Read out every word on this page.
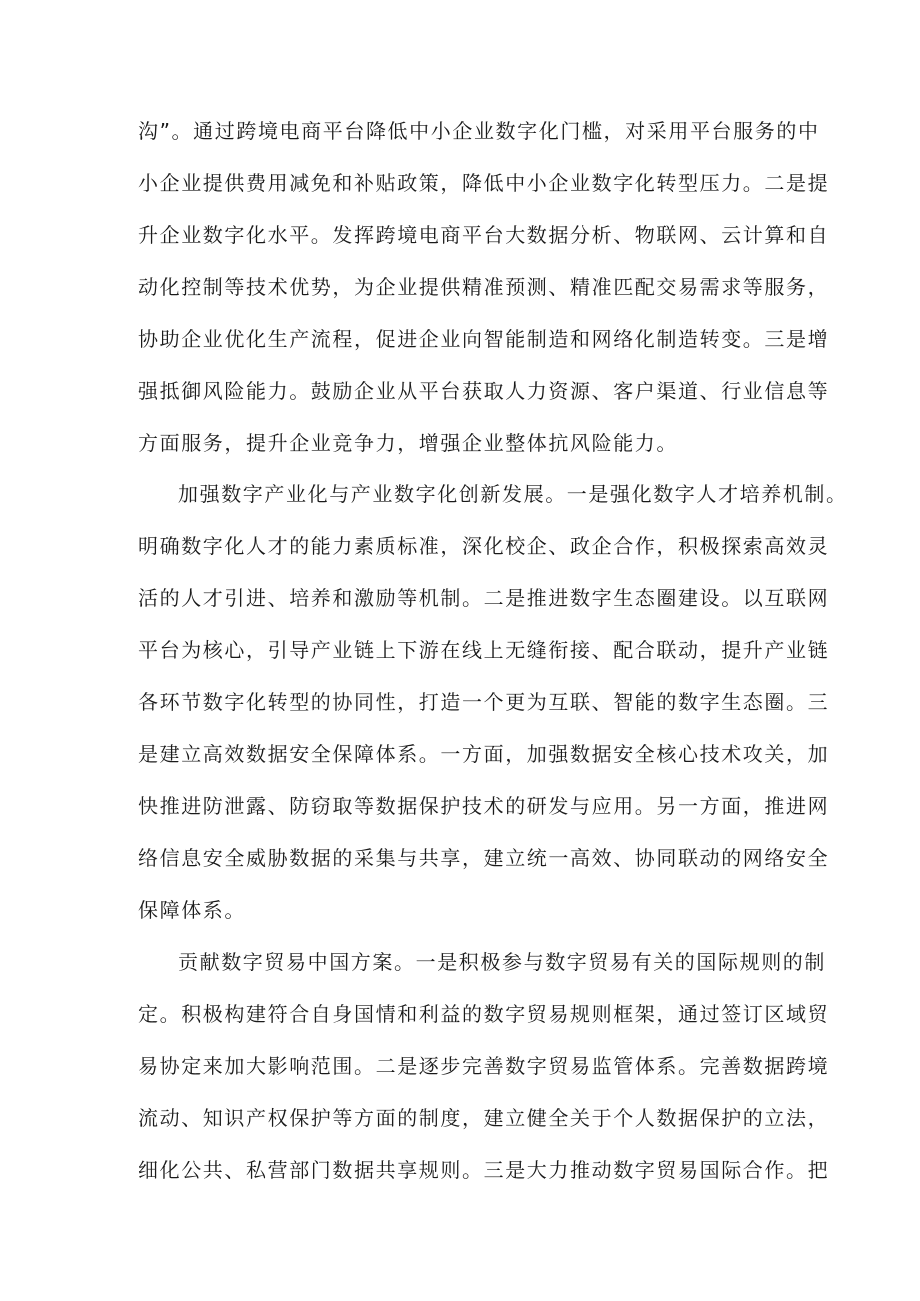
沟”。通过跨境电商平台降低中小企业数字化门槛，对采用平台服务的中

小企业提供费用减免和补贴政策，降低中小企业数字化转型压力。二是提

升企业数字化水平。发挥跨境电商平台大数据分析、物联网、云计算和自

动化控制等技术优势，为企业提供精准预测、精准匹配交易需求等服务，

协助企业优化生产流程，促进企业向智能制造和网络化制造转变。三是增

强抵御风险能力。鼓励企业从平台获取人力资源、客户渠道、行业信息等

方面服务，提升企业竞争力，增强企业整体抗风险能力。

加强数字产业化与产业数字化创新发展。一是强化数字人才培养机制。

明确数字化人才的能力素质标准，深化校企、政企合作，积极探索高效灵

活的人才引进、培养和激励等机制。二是推进数字生态圈建设。以互联网

平台为核心，引导产业链上下游在线上无缝衔接、配合联动，提升产业链

各环节数字化转型的协同性，打造一个更为互联、智能的数字生态圈。三

是建立高效数据安全保障体系。一方面，加强数据安全核心技术攻关，加

快推进防泄露、防窃取等数据保护技术的研发与应用。另一方面，推进网

络信息安全威胁数据的采集与共享，建立统一高效、协同联动的网络安全

保障体系。

贡献数字贸易中国方案。一是积极参与数字贸易有关的国际规则的制

定。积极构建符合自身国情和利益的数字贸易规则框架，通过签订区域贸

易协定来加大影响范围。二是逐步完善数字贸易监管体系。完善数据跨境

流动、知识产权保护等方面的制度，建立健全关于个人数据保护的立法，

细化公共、私营部门数据共享规则。三是大力推动数字贸易国际合作。把
